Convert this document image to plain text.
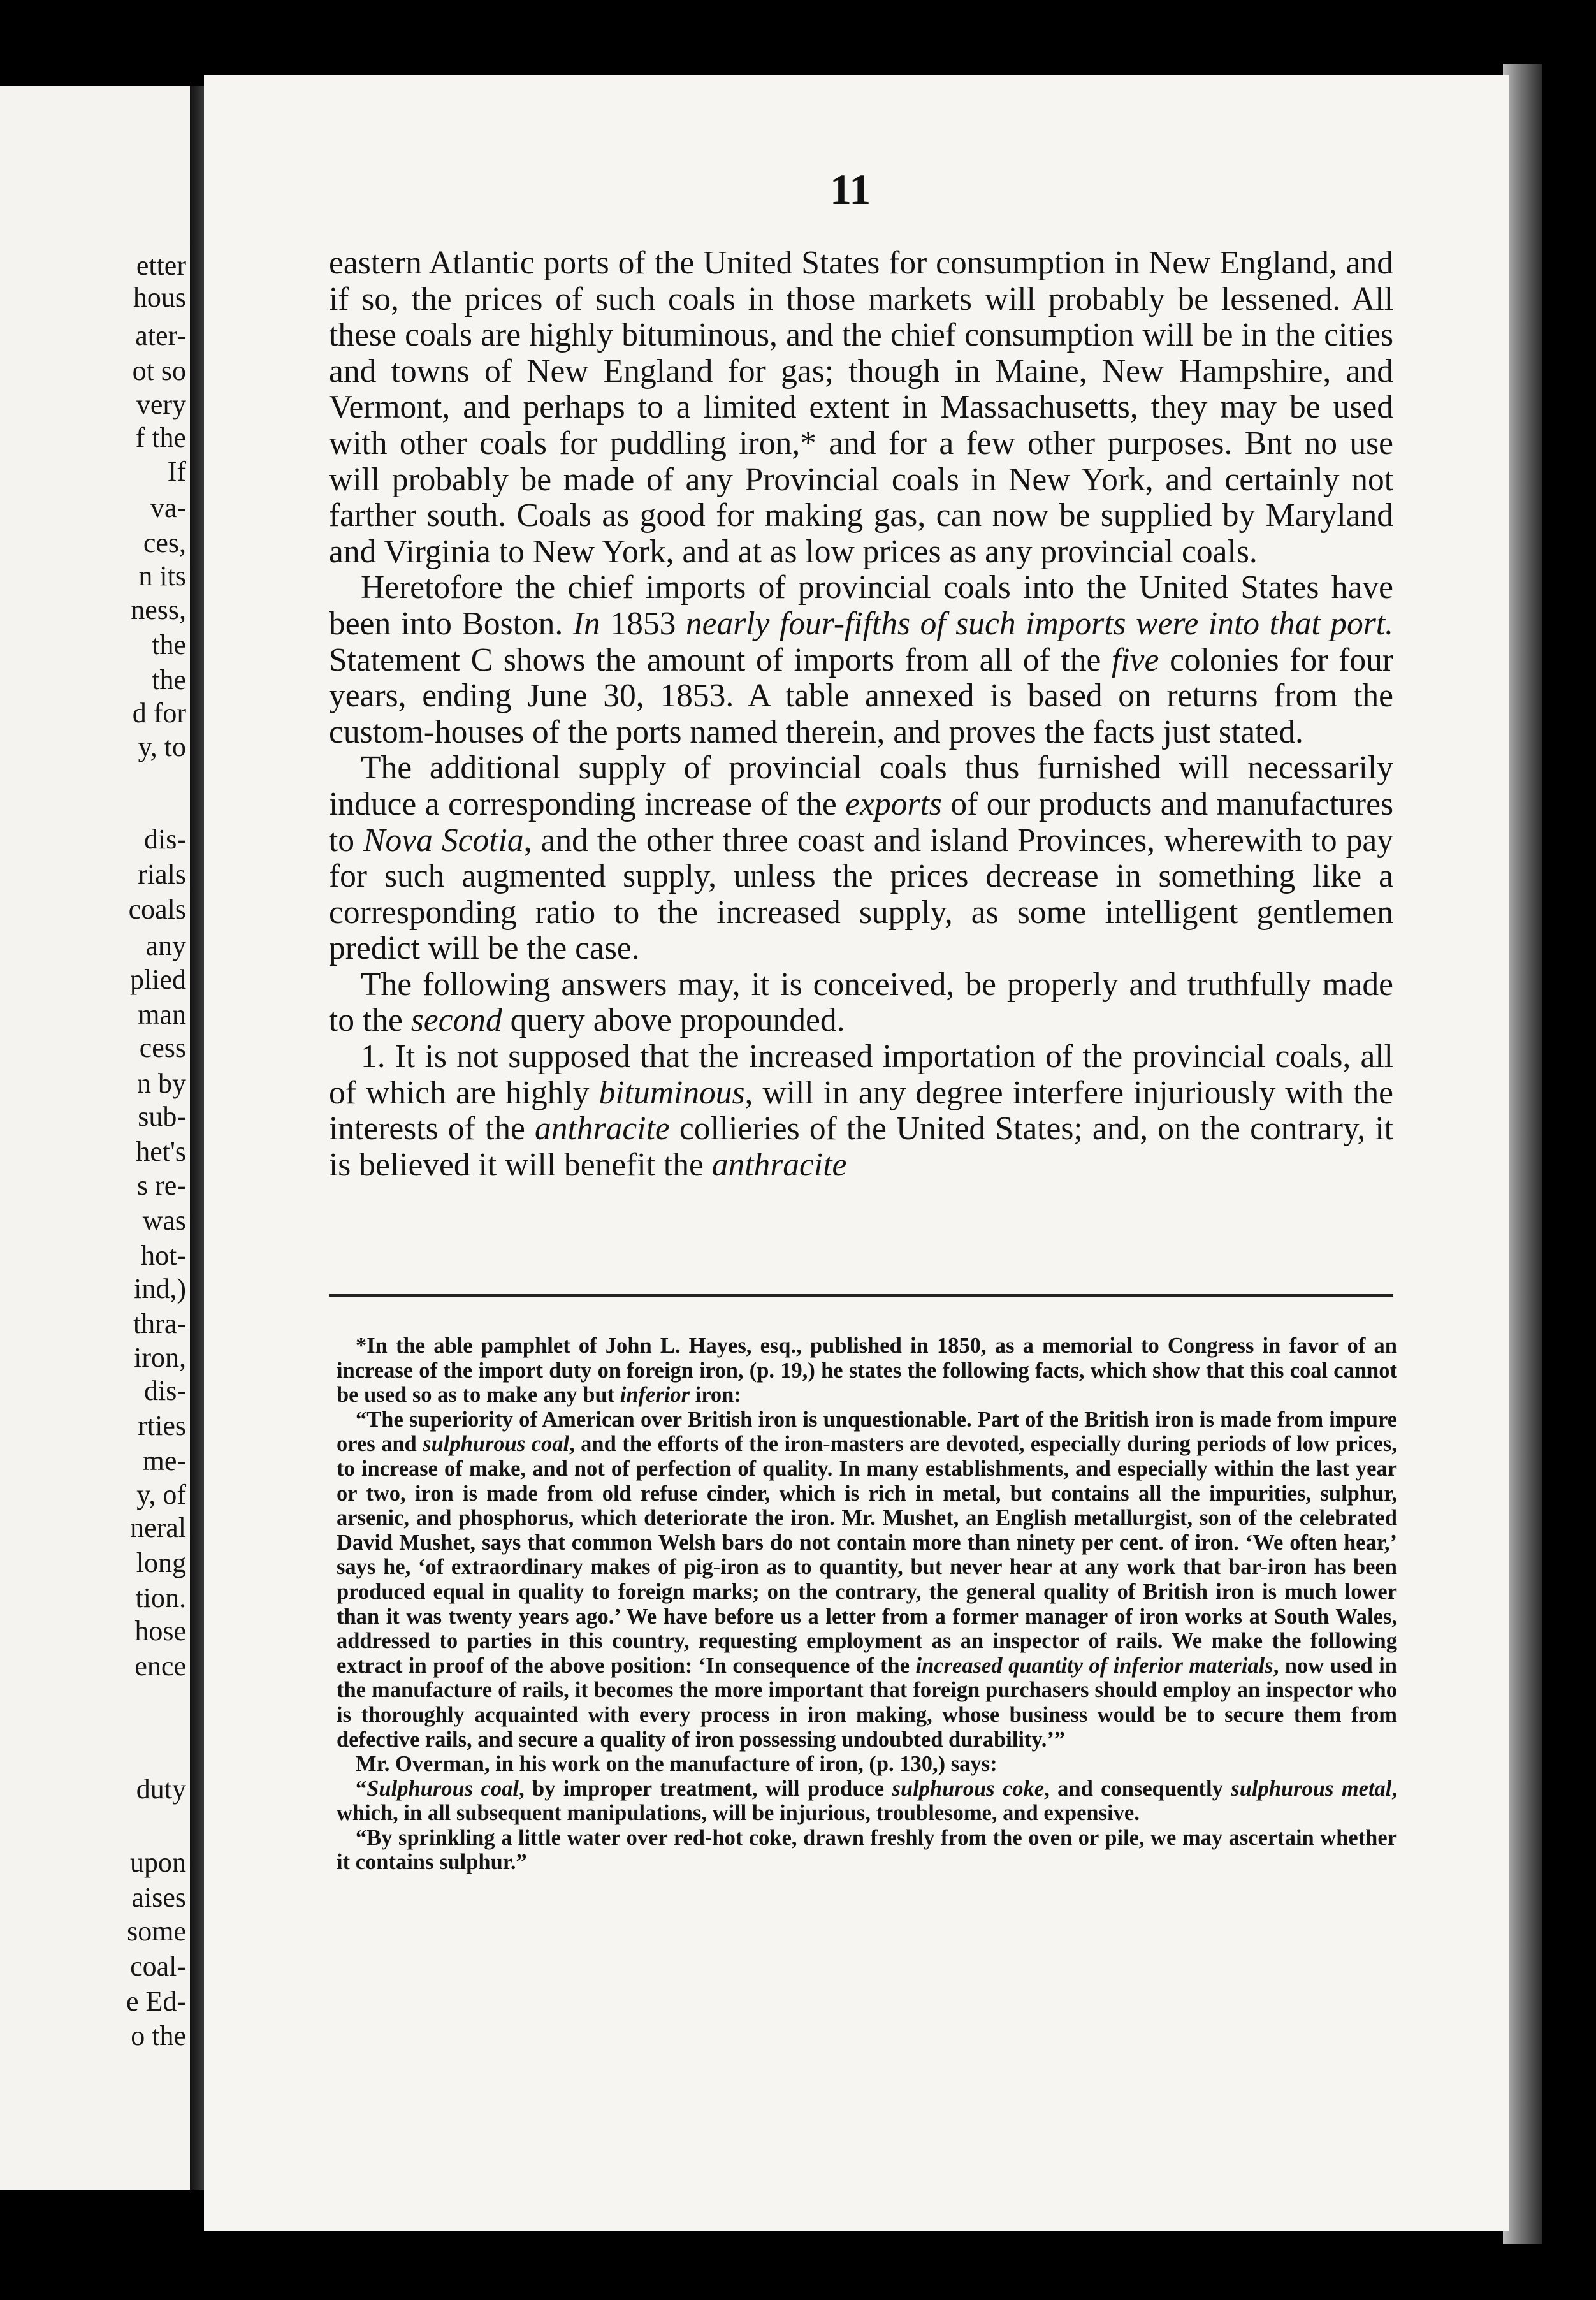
etter
hous
ater-
ot so
very
f the
If
va-
ces,
n its
ness,
the
the
d for
y, to
dis-
rials
coals
any
plied
man
cess
n by
sub-
het's
s re-
was
hot-
ind,)
thra-
iron,
dis-
rties
me-
y, of
neral
long
tion.
hose
ence
duty
upon
aises
some
coal-
e Ed-
o the
11

eastern Atlantic ports of the United States for consumption in New England, and if so, the prices of such coals in those markets will probably be lessened. All these coals are highly bituminous, and the chief consumption will be in the cities and towns of New England for gas; though in Maine, New Hampshire, and Vermont, and perhaps to a limited extent in Massachusetts, they may be used with other coals for puddling iron,* and for a few other purposes. Bnt no use will probably be made of any Provincial coals in New York, and certainly not farther south. Coals as good for making gas, can now be supplied by Maryland and Virginia to New York, and at as low prices as any provincial coals.

Heretofore the chief imports of provincial coals into the United States have been into Boston. In 1853 nearly four-fifths of such imports were into that port. Statement C shows the amount of imports from all of the five colonies for four years, ending June 30, 1853. A table annexed is based on returns from the custom-houses of the ports named therein, and proves the facts just stated.

The additional supply of provincial coals thus furnished will necessarily induce a corresponding increase of the exports of our products and manufactures to Nova Scotia, and the other three coast and island Provinces, wherewith to pay for such augmented supply, unless the prices decrease in something like a corresponding ratio to the increased supply, as some intelligent gentlemen predict will be the case.

The following answers may, it is conceived, be properly and truthfully made to the second query above propounded.

1. It is not supposed that the increased importation of the provincial coals, all of which are highly bituminous, will in any degree interfere injuriously with the interests of the anthracite collieries of the United States; and, on the contrary, it is believed it will benefit the anthracite

*In the able pamphlet of John L. Hayes, esq., published in 1850, as a memorial to Congress in favor of an increase of the import duty on foreign iron, (p. 19,) he states the following facts, which show that this coal cannot be used so as to make any but inferior iron:

“The superiority of American over British iron is unquestionable. Part of the British iron is made from impure ores and sulphurous coal, and the efforts of the iron-masters are devoted, especially during periods of low prices, to increase of make, and not of perfection of quality. In many establishments, and especially within the last year or two, iron is made from old refuse cinder, which is rich in metal, but contains all the impurities, sulphur, arsenic, and phosphorus, which deteriorate the iron. Mr. Mushet, an English metallurgist, son of the celebrated David Mushet, says that common Welsh bars do not contain more than ninety per cent. of iron. ‘We often hear,’ says he, ‘of extraordinary makes of pig-iron as to quantity, but never hear at any work that bar-iron has been produced equal in quality to foreign marks; on the contrary, the general quality of British iron is much lower than it was twenty years ago.’ We have before us a letter from a former manager of iron works at South Wales, addressed to parties in this country, requesting employment as an inspector of rails. We make the following extract in proof of the above position: ‘In consequence of the increased quantity of inferior materials, now used in the manufacture of rails, it becomes the more important that foreign purchasers should employ an inspector who is thoroughly acquainted with every process in iron making, whose business would be to secure them from defective rails, and secure a quality of iron possessing undoubted durability.’”

Mr. Overman, in his work on the manufacture of iron, (p. 130,) says:

“Sulphurous coal, by improper treatment, will produce sulphurous coke, and consequently sulphurous metal, which, in all subsequent manipulations, will be injurious, troublesome, and expensive.

“By sprinkling a little water over red-hot coke, drawn freshly from the oven or pile, we may ascertain whether it contains sulphur.”
